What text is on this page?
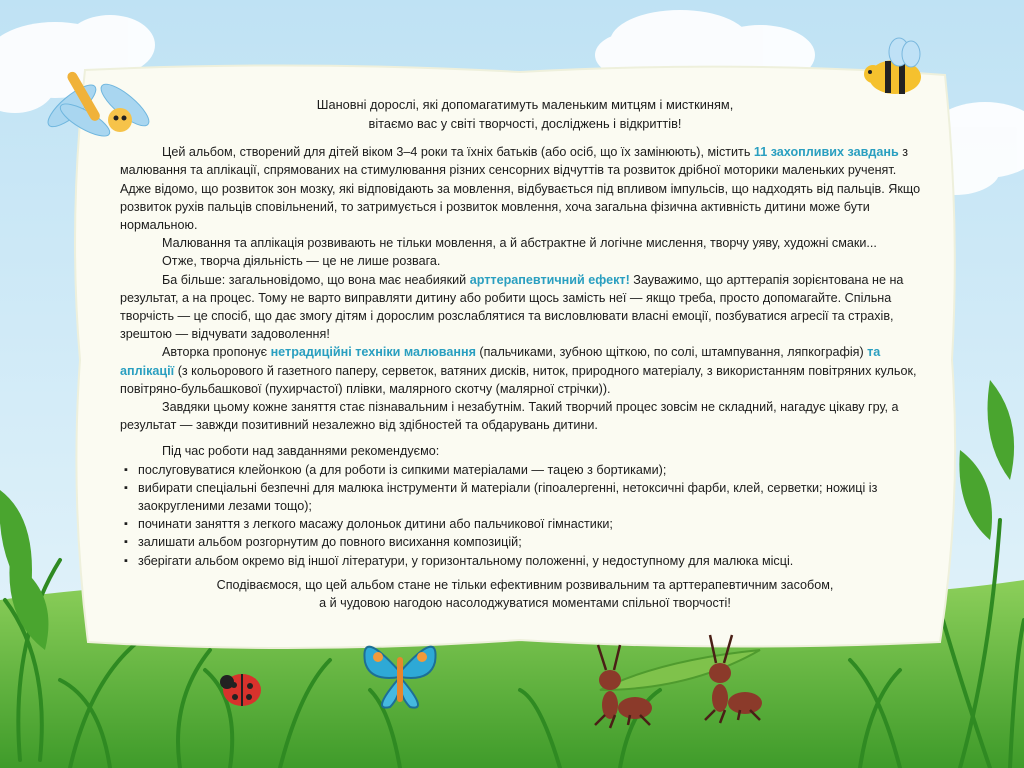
Шановні дорослі, які допомагатимуть маленьким митцям і мисткиням,
вітаємо вас у світі творчості, досліджень і відкриттів!

Цей альбом, створений для дітей віком 3–4 роки та їхніх батьків (або осіб, що їх замінюють), містить 11 захопливих завдань з малювання та аплікації, спрямованих на стимулювання різних сенсорних відчуттів та розвиток дрібної моторики маленьких рученят. Адже відомо, що розвиток зон мозку, які відповідають за мовлення, відбувається під впливом імпульсів, що надходять від пальців. Якщо розвиток рухів пальців сповільнений, то затримується і розвиток мовлення, хоча загальна фізична активність дитини може бути нормальною.

Малювання та аплікація розвивають не тільки мовлення, а й абстрактне й логічне мислення, творчу уяву, художні смаки...

Отже, творча діяльність — це не лише розвага.

Ба більше: загальновідомо, що вона має неабиякий арттерапевтичний ефект! Зауважимо, що арттерапія зорієнтована не на результат, а на процес. Тому не варто виправляти дитину або робити щось замість неї — якщо треба, просто допомагайте. Спільна творчість — це спосіб, що дає змогу дітям і дорослим розслаблятися та висловлювати власні емоції, позбуватися агресії та страхів, зрештою — відчувати задоволення!

Авторка пропонує нетрадиційні техніки малювання (пальчиками, зубною щіткою, по солі, штампування, ляпкографія) та аплікації (з кольорового й газетного паперу, серветок, ватяних дисків, ниток, природного матеріалу, з використанням повітряних кульок, повітряно-бульбашкової (пухирчастої) плівки, малярного скотчу (малярної стрічки)).

Завдяки цьому кожне заняття стає пізнавальним і незабутнім. Такий творчий процес зовсім не складний, нагадує цікаву гру, а результат — завжди позитивний незалежно від здібностей та обдарувань дитини.

Під час роботи над завданнями рекомендуємо:

▪ послуговуватися клейонкою (а для роботи із сипкими матеріалами — тацею з бортиками);
▪ вибирати спеціальні безпечні для малюка інструменти й матеріали (гіпоалергенні, нетоксичні фарби, клей, серветки; ножиці із заокругленими лезами тощо);
▪ починати заняття з легкого масажу долоньок дитини або пальчикової гімнастики;
▪ залишати альбом розгорнутим до повного висихання композицій;
▪ зберігати альбом окремо від іншої літератури, у горизонтальному положенні, у недоступному для малюка місці.

Сподіваємося, що цей альбом стане не тільки ефективним розвивальним та арттерапевтичним засобом,
а й чудовою нагодою насолоджуватися моментами спільної творчості!
